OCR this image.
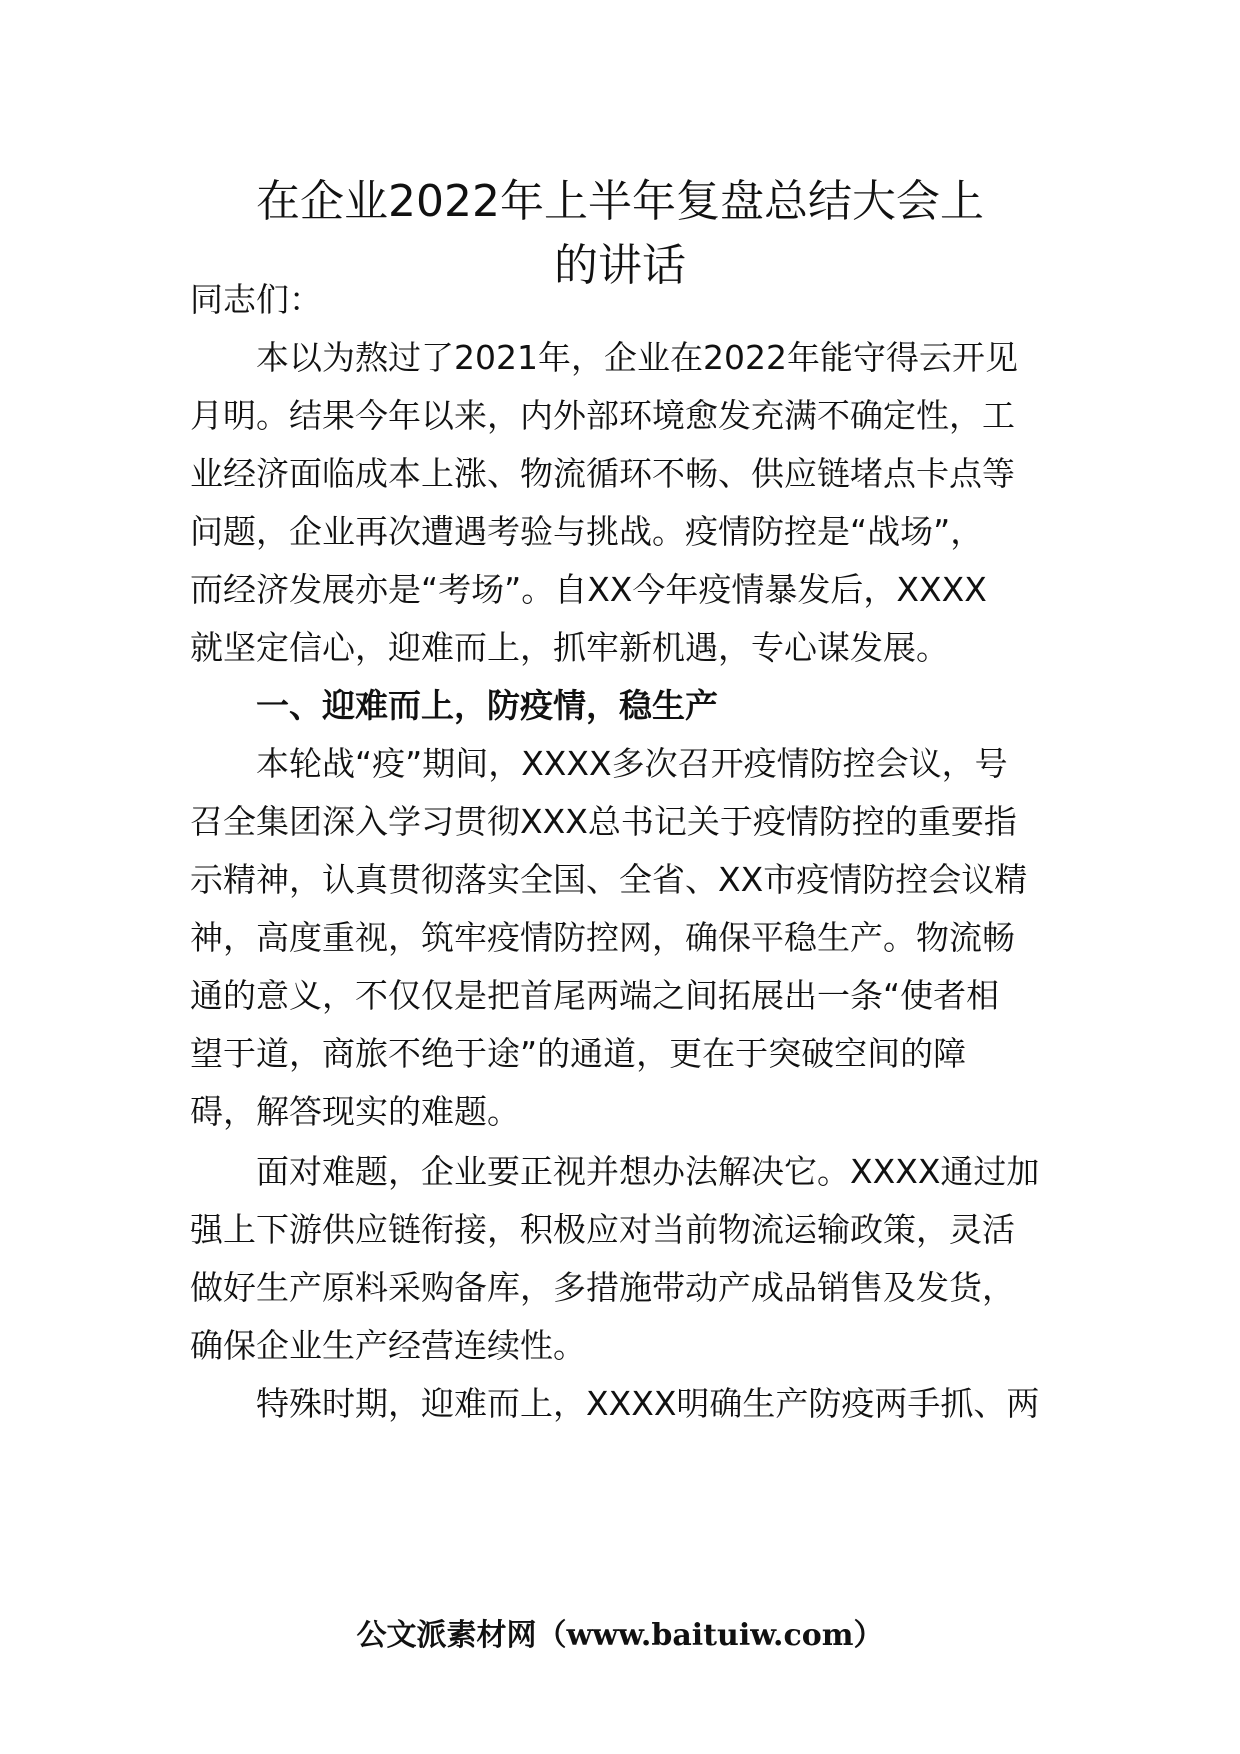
在企业2022年上半年复盘总结大会上
的讲话
同志们：
本以为熬过了2021年，企业在2022年能守得云开见
月明。结果今年以来，内外部环境愈发充满不确定性，工
业经济面临成本上涨、物流循环不畅、供应链堵点卡点等
问题，企业再次遭遇考验与挑战。疫情防控是“战场”，
而经济发展亦是“考场”。自XX今年疫情暴发后，XXXX
就坚定信心，迎难而上，抓牢新机遇，专心谋发展。
一、迎难而上，防疫情，稳生产
本轮战“疫”期间，XXXX多次召开疫情防控会议，号
召全集团深入学习贯彻XXX总书记关于疫情防控的重要指
示精神，认真贯彻落实全国、全省、XX市疫情防控会议精
神，高度重视，筑牢疫情防控网，确保平稳生产。物流畅
通的意义，不仅仅是把首尾两端之间拓展出一条“使者相
望于道，商旅不绝于途”的通道，更在于突破空间的障
碍，解答现实的难题。
面对难题，企业要正视并想办法解决它。XXXX通过加
强上下游供应链衔接，积极应对当前物流运输政策，灵活
做好生产原料采购备库，多措施带动产成品销售及发货，
确保企业生产经营连续性。
特殊时期，迎难而上，XXXX明确生产防疫两手抓、两
公文派素材网（www.baituiw.com）
